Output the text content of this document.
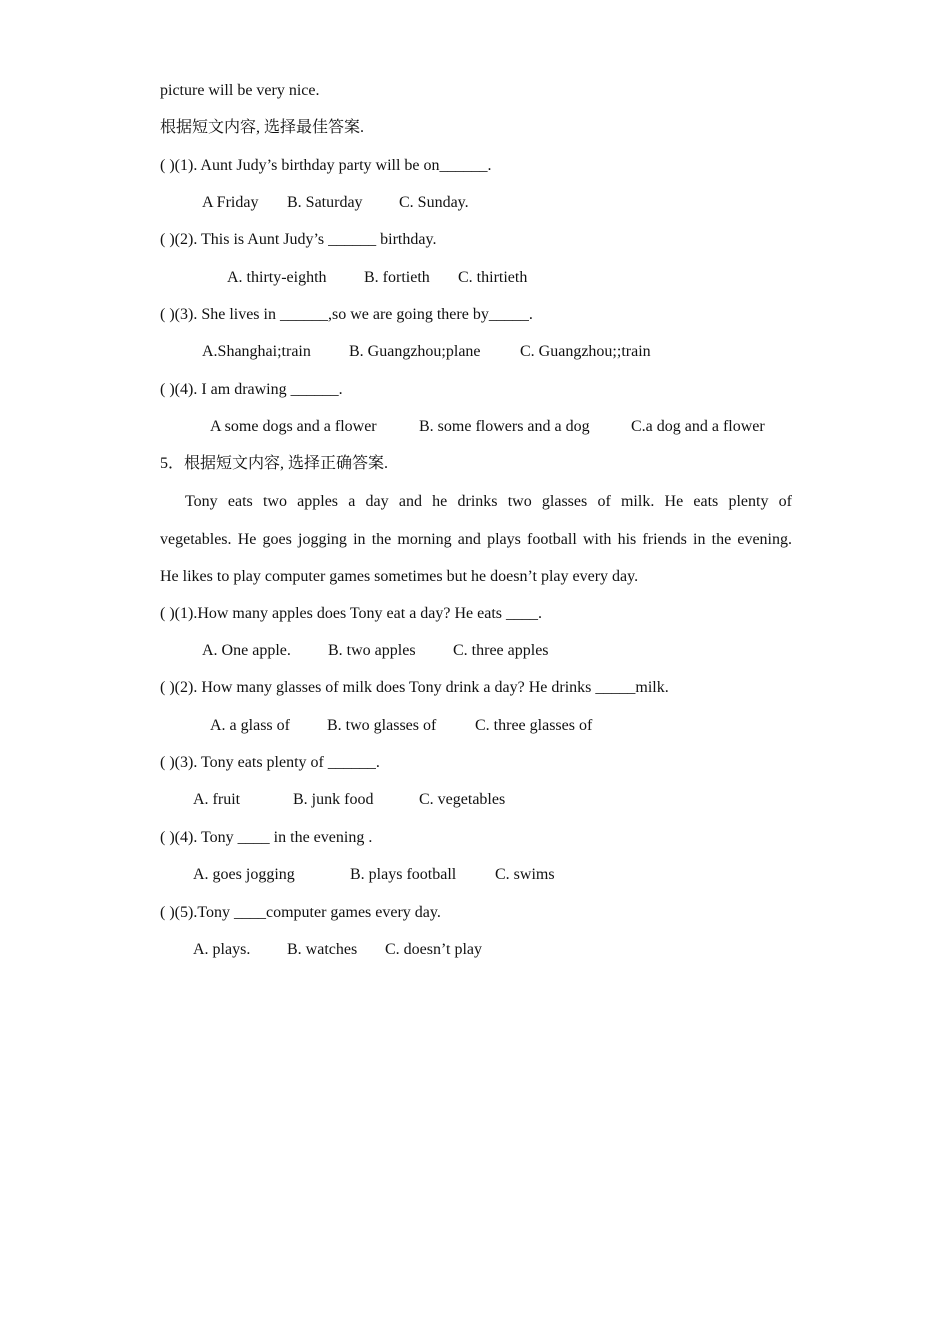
picture will be very nice.
根据短文内容, 选择最佳答案.
( )(1). Aunt Judy’s birthday party will be on______.
A Friday B. Saturday C. Sunday.
( )(2). This is Aunt Judy’s ______ birthday.
A. thirty-eighth B. fortieth C. thirtieth
( )(3). She lives in ______,so we are going there by_____.
A.Shanghai;train B. Guangzhou;plane C. Guangzhou;;train
( )(4). I am drawing ______.
A some dogs and a flower	B. some flowers and a dog	C.a dog and a flower
5．根据短文内容, 选择正确答案.
Tony eats two apples a day and he drinks two glasses of milk. He eats plenty of
vegetables. He goes jogging in the morning and plays football with his friends in the evening.
He likes to play computer games sometimes but he doesn’t play every day.
( )(1).How many apples does Tony eat a day? He eats ____.
A. One apple. B. two apples C. three apples
( )(2). How many glasses of milk does Tony drink a day? He drinks _____milk.
A. a glass of B. two glasses of C. three glasses of
( )(3). Tony eats plenty of ______.
A. fruit	B. junk food	C. vegetables
( )(4). Tony ____ in the evening .
A. goes jogging	B. plays football C. swims
( )(5).Tony ____computer games every day.
A. plays. B. watches C. doesn’t play
